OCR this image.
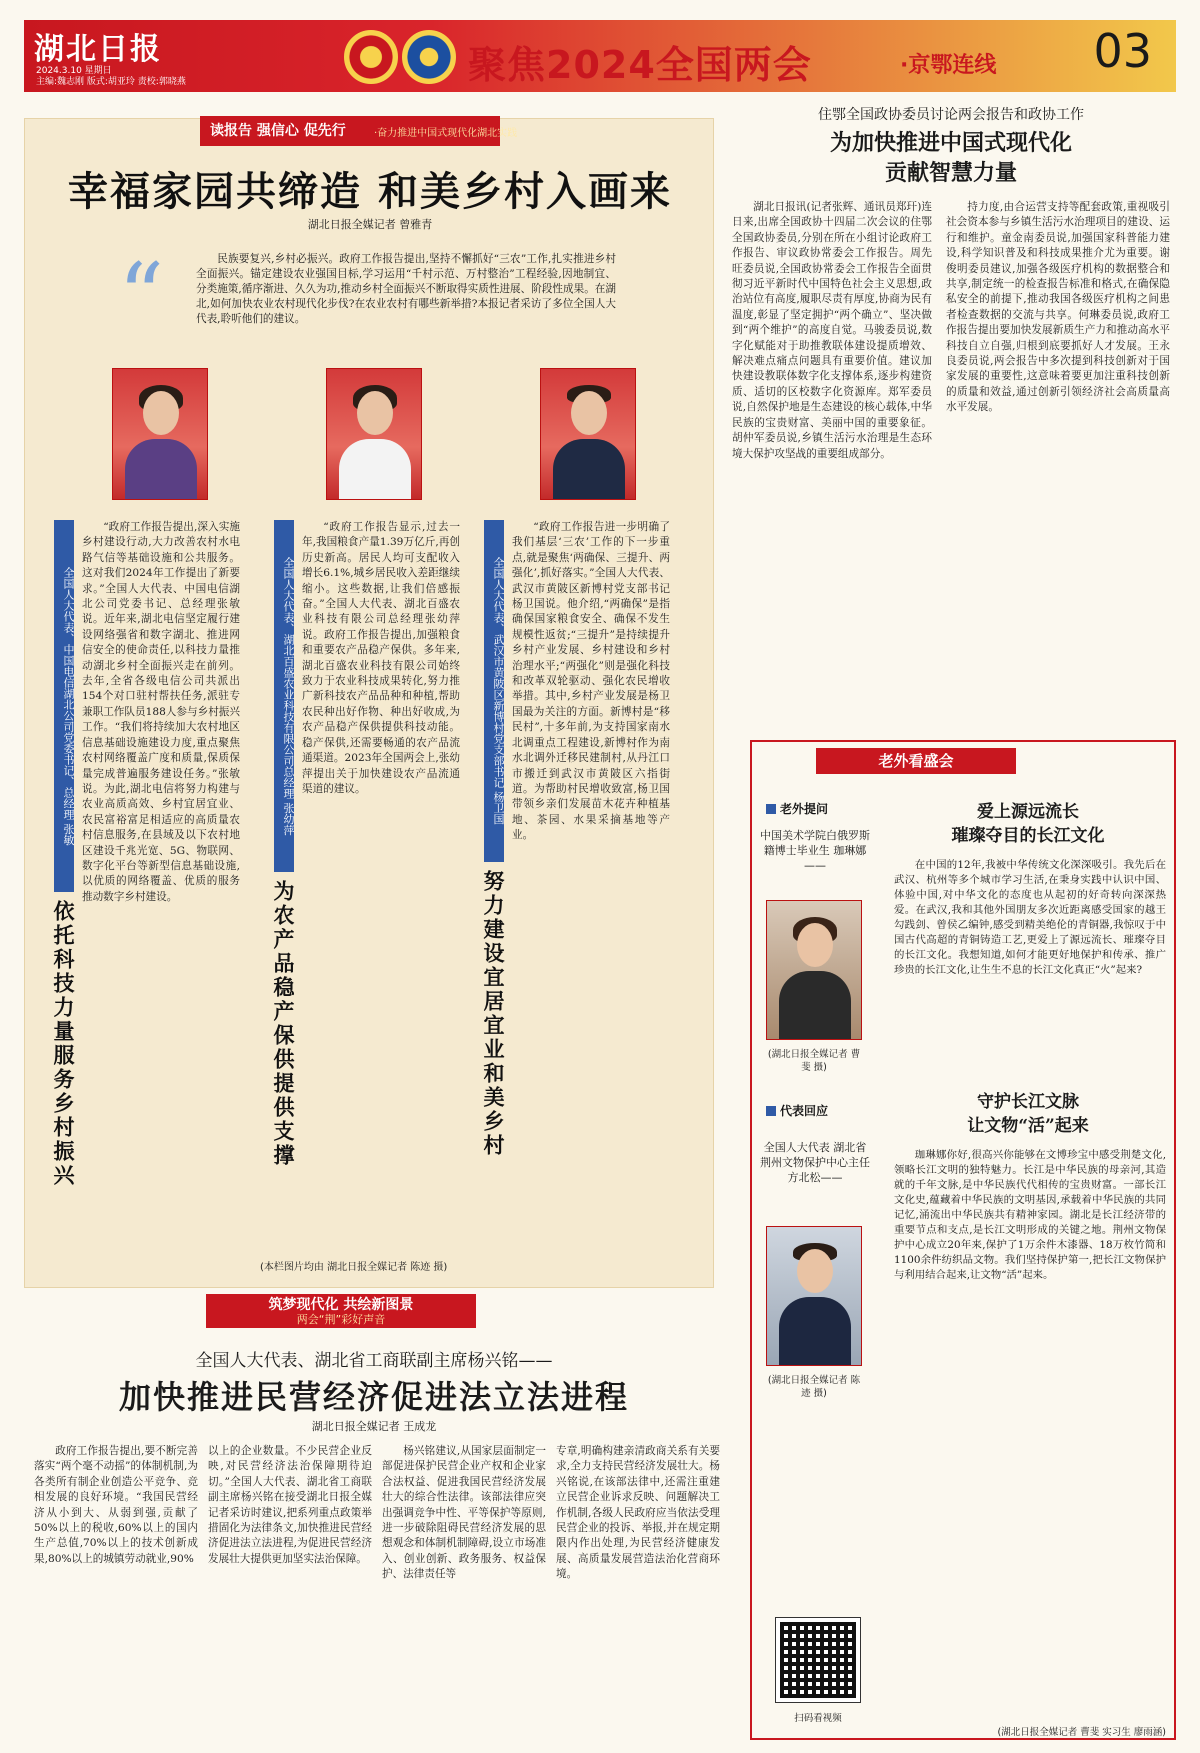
湖北日报
2024.3.10 星期日
主编:魏志刚 版式:胡亚玲 责校:郭晓燕	聚焦2024全国两会	·京鄂连线 03
读报告 强信心 促先行	·奋力推进中国式现代化湖北实践
幸福家园共缔造 和美乡村入画来
湖北日报全媒记者 曾雅青
“	民族要复兴,乡村必振兴。政府工作报告提出,坚持不懈抓好“三农”工作,扎实推进乡村全面振兴。锚定建设农业强国目标,学习运用“千村示范、万村整治”工程经验,因地制宜、分类施策,循序渐进、久久为功,推动乡村全面振兴不断取得实质性进展、阶段性成果。在湖北,如何加快农业农村现代化步伐?在农业农村有哪些新举措?本报记者采访了多位全国人大代表,聆听他们的建议。
全国人大代表、中国电信湖北公司党委书记、总经理 张敏
依托科技力量服务乡村振兴

“政府工作报告提出,深入实施乡村建设行动,大力改善农村水电路气信等基础设施和公共服务。这对我们2024年工作提出了新要求。”全国人大代表、中国电信湖北公司党委书记、总经理张敏说。近年来,湖北电信坚定履行建设网络强省和数字湖北、推进网信安全的使命责任,以科技力量推动湖北乡村全面振兴走在前列。去年,全省各级电信公司共派出154个对口驻村帮扶任务,派驻专兼职工作队员188人参与乡村振兴工作。“我们将持续加大农村地区信息基础设施建设力度,重点聚焦农村网络覆盖广度和质量,保质保量完成普遍服务建设任务。”张敏说。为此,湖北电信将努力构建与农业高质高效、乡村宜居宜业、农民富裕富足相适应的高质量农村信息服务,在县域及以下农村地区建设千兆光宽、5G、物联网、数字化平台等新型信息基础设施,以优质的网络覆盖、优质的服务推动数字乡村建设。

全国人大代表、湖北百盛农业科技有限公司总经理 张幼萍
为农产品稳产保供提供支撑

“政府工作报告显示,过去一年,我国粮食产量1.39万亿斤,再创历史新高。居民人均可支配收入增长6.1%,城乡居民收入差距继续缩小。这些数据,让我们倍感振奋。”全国人大代表、湖北百盛农业科技有限公司总经理张幼萍说。政府工作报告提出,加强粮食和重要农产品稳产保供。多年来,湖北百盛农业科技有限公司始终致力于农业科技成果转化,努力推广新科技农产品品种和种植,帮助农民种出好作物、种出好收成,为农产品稳产保供提供科技动能。稳产保供,还需要畅通的农产品流通渠道。2023年全国两会上,张幼萍提出关于加快建设农产品流通渠道的建议。	全国人大代表、武汉市黄陂区新博村党支部书记 杨卫国
努力建设宜居宜业和美乡村

“政府工作报告进一步明确了我们基层‘三农’工作的下一步重点,就是聚焦‘两确保、三提升、两强化’,抓好落实。”全国人大代表、武汉市黄陂区新博村党支部书记杨卫国说。他介绍,“两确保”是指确保国家粮食安全、确保不发生规模性返贫;“三提升”是持续提升乡村产业发展、乡村建设和乡村治理水平;“两强化”则是强化科技和改革双轮驱动、强化农民增收举措。其中,乡村产业发展是杨卫国最为关注的方面。新博村是“移民村”,十多年前,为支持国家南水北调重点工程建设,新博村作为南水北调外迁移民建制村,从丹江口市搬迁到武汉市黄陂区六指街道。为帮助村民增收致富,杨卫国带领乡亲们发展苗木花卉种植基地、茶园、水果采摘基地等产业。

(本栏图片均由 湖北日报全媒记者 陈迹 摄)
住鄂全国政协委员讨论两会报告和政协工作
为加快推进中国式现代化
贡献智慧力量

湖北日报讯(记者张辉、通讯员郑玕)连日来,出席全国政协十四届二次会议的住鄂全国政协委员,分别在所在小组讨论政府工作报告、审议政协常委会工作报告。周先旺委员说,全国政协常委会工作报告全面贯彻习近平新时代中国特色社会主义思想,政治站位有高度,履职尽责有厚度,协商为民有温度,彰显了坚定拥护“两个确立”、坚决做到“两个维护”的高度自觉。马骏委员说,数字化赋能对于助推教联体建设提质增效、解决难点痛点问题具有重要价值。建议加快建设教联体数字化支撑体系,逐步构建资质、适切的区校数字化资源库。郑军委员说,自然保护地是生态建设的核心载体,中华民族的宝贵财富、美丽中国的重要象征。胡仲军委员说,乡镇生活污水治理是生态环境大保护攻坚战的重要组成部分。

持力度,由合运营支持等配套政策,重视吸引社会资本参与乡镇生活污水治理项目的建设、运行和维护。童金南委员说,加强国家科普能力建设,科学知识普及和科技成果推介尤为重要。谢俊明委员建议,加强各级医疗机构的数据整合和共享,制定统一的检查报告标准和格式,在确保隐私安全的前提下,推动我国各级医疗机构之间患者检查数据的交流与共享。何琳委员说,政府工作报告提出要加快发展新质生产力和推动高水平科技自立自强,归根到底要抓好人才发展。王永良委员说,两会报告中多次提到科技创新对于国家发展的重要性,这意味着要更加注重科技创新的质量和效益,通过创新引领经济社会高质量高水平发展。

老外看盛会
老外提问
中国美术学院白俄罗斯籍博士毕业生 珈琳娜——
(湖北日报全媒记者 曹斐 摄)
爱上源远流长
璀璨夺目的长江文化

在中国的12年,我被中华传统文化深深吸引。我先后在武汉、杭州等多个城市学习生活,在秉身实践中认识中国、体验中国,对中华文化的态度也从起初的好奇转向深深热爱。在武汉,我和其他外国朋友多次近距离感受国家的越王勾践剑、曾侯乙编钟,感受到精美绝伦的青铜器,我惊叹于中国古代高超的青铜铸造工艺,更爱上了源远流长、璀璨夺目的长江文化。我想知道,如何才能更好地保护和传承、推广珍贵的长江文化,让生生不息的长江文化真正“火”起来?

代表回应
全国人大代表 湖北省荆州文物保护中心主任 方北松——
(湖北日报全媒记者 陈迹 摄)
守护长江文脉
让文物“活”起来

珈琳娜你好,很高兴你能够在文博珍宝中感受荆楚文化,领略长江文明的独特魅力。长江是中华民族的母亲河,其造就的千年文脉,是中华民族代代相传的宝贵财富。一部长江文化史,蕴藏着中华民族的文明基因,承载着中华民族的共同记忆,涌流出中华民族共有精神家园。湖北是长江经济带的重要节点和支点,是长江文明形成的关键之地。荆州文物保护中心成立20年来,保护了1万余件木漆器、18万枚竹简和1100余件纺织品文物。我们坚持保护第一,把长江文物保护与利用结合起来,让文物“活”起来。

扫码看视频
(湖北日报全媒记者 曹斐 实习生 廖雨涵)
筑梦现代化 共绘新图景
两会“荆”彩好声音
全国人大代表、湖北省工商联副主席杨兴铭——
加快推进民营经济促进法立法进程
湖北日报全媒记者 王成龙

政府工作报告提出,要不断完善落实“两个毫不动摇”的体制机制,为各类所有制企业创造公平竞争、竞相发展的良好环境。“我国民营经济从小到大、从弱到强,贡献了50%以上的税收,60%以上的国内生产总值,70%以上的技术创新成果,80%以上的城镇劳动就业,90%

以上的企业数量。不少民营企业反映,对民营经济法治保障期待迫切。”全国人大代表、湖北省工商联副主席杨兴铭在接受湖北日报全媒记者采访时建议,把系列重点政策举措固化为法律条文,加快推进民营经济促进法立法进程,为促进民营经济发展壮大提供更加坚实法治保障。

杨兴铭建议,从国家层面制定一部促进保护民营企业产权和企业家合法权益、促进我国民营经济发展壮大的综合性法律。该部法律应突出强调竞争中性、平等保护等原则,进一步破除阻碍民营经济发展的思想观念和体制机制障碍,设立市场准入、创业创新、政务服务、权益保护、法律责任等

专章,明确构建亲清政商关系有关要求,全力支持民营经济发展壮大。杨兴铭说,在该部法律中,还需注重建立民营企业诉求反映、问题解决工作机制,各级人民政府应当依法受理民营企业的投诉、举报,并在规定期限内作出处理,为民营经济健康发展、高质量发展营造法治化营商环境。
